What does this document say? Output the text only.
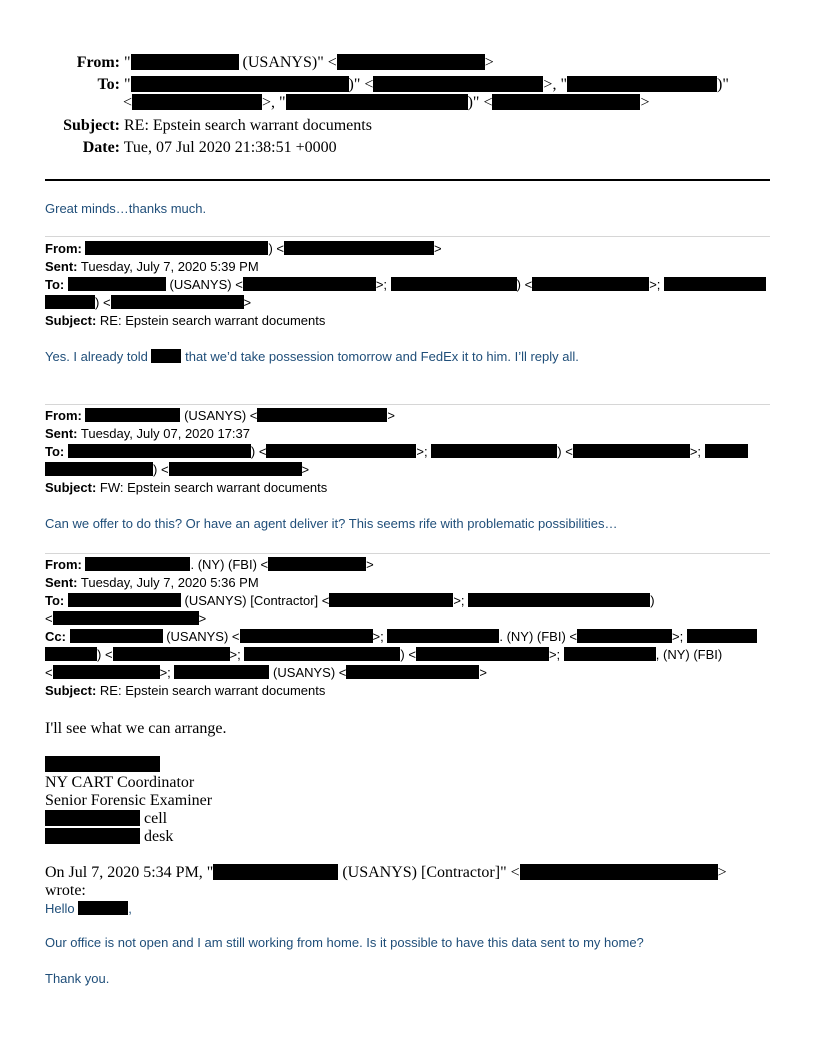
From: "	(USANYS)" <	>
To: "	)" <	>, "	)"
<	>, "	)" <	>
Subject: RE: Epstein search warrant documents
Date: Tue, 07 Jul 2020 21:38:51 +0000
Great minds…thanks much.
From:	) <	>
Sent: Tuesday, July 7, 2020 5:39 PM
To:	(USANYS) <	>;	) <	>;
) <	>
Subject: RE: Epstein search warrant documents
Yes. I already told  that we’d take possession tomorrow and FedEx it to him. I’ll reply all.
From:	(USANYS) <	>
Sent: Tuesday, July 07, 2020 17:37
To:	) <	>;	) <	>;
) <	>
Subject: FW: Epstein search warrant documents
Can we offer to do this? Or have an agent deliver it? This seems rife with problematic possibilities…
From:	. (NY) (FBI) <	>
Sent: Tuesday, July 7, 2020 5:36 PM
To:	(USANYS) [Contractor] <	>;	)
<	>
Cc:	(USANYS) <	>;	. (NY) (FBI) <	>;
) <	>;	) <	>;	, (NY) (FBI)
<	>;	(USANYS) <	>
Subject: RE: Epstein search warrant documents
I'll see what we can arrange.
NY CART Coordinator
Senior Forensic Examiner
cell
desk
On Jul 7, 2020 5:34 PM, "	(USANYS) [Contractor]" <	>
wrote:
Hello	,
Our office is not open and I am still working from home. Is it possible to have this data sent to my home?
Thank you.
